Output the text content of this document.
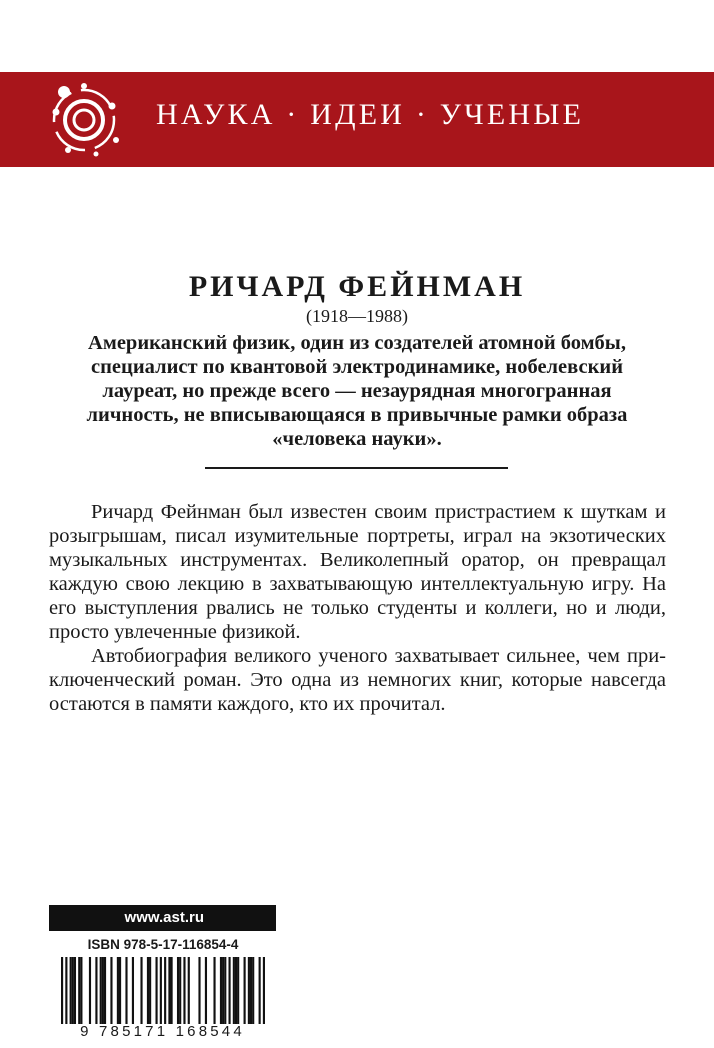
НАУКА · ИДЕИ · УЧЕНЫЕ
РИЧАРД ФЕЙНМАН
(1918—1988)
Американский физик, один из создателей атомной бомбы,
специалист по квантовой электродинамике, нобелевский
лауреат, но прежде всего — незаурядная многогранная
личность, не вписывающаяся в привычные рамки образа
«человека науки».
Ричард Фейнман был известен своим пристрастием к шуткам и
розыгрышам, писал изумительные портреты, играл на экзотических
музыкальных инструментах. Великолепный оратор, он превращал
каждую свою лекцию в захватывающую интеллектуальную игру. На
его выступления рвались не только студенты и коллеги, но и люди,
просто увлеченные физикой.
Автобиография великого ученого захватывает сильнее, чем при-
ключенческий роман. Это одна из немногих книг, которые навсегда
остаются в памяти каждого, кто их прочитал.
www.ast.ru
ISBN 978-5-17-116854-4
9 785171 168544
